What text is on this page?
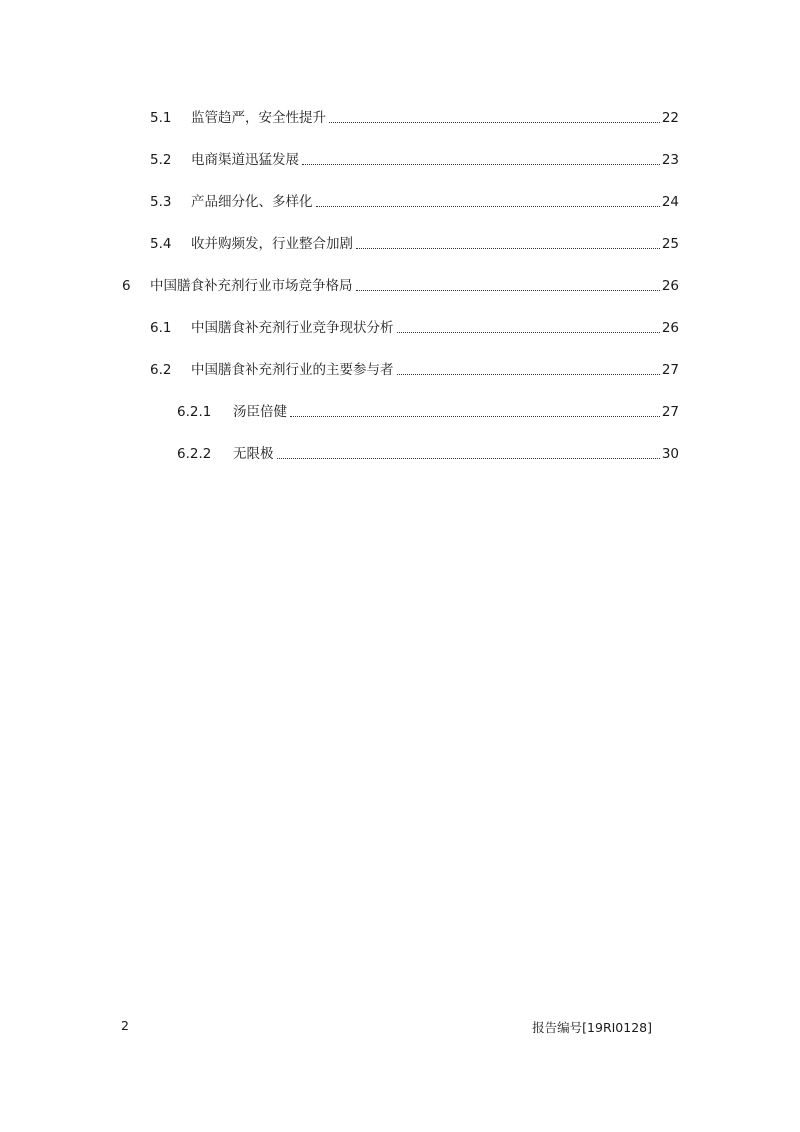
5.1	监管趋严，安全性提升	22
5.2	电商渠道迅猛发展	23
5.3	产品细分化、多样化	24
5.4	收并购频发，行业整合加剧	25
6	中国膳食补充剂行业市场竞争格局	26
6.1	中国膳食补充剂行业竞争现状分析	26
6.2	中国膳食补充剂行业的主要参与者	27
6.2.1	汤臣倍健	27
6.2.2	无限极	30
2	报告编号[19RI0128]
